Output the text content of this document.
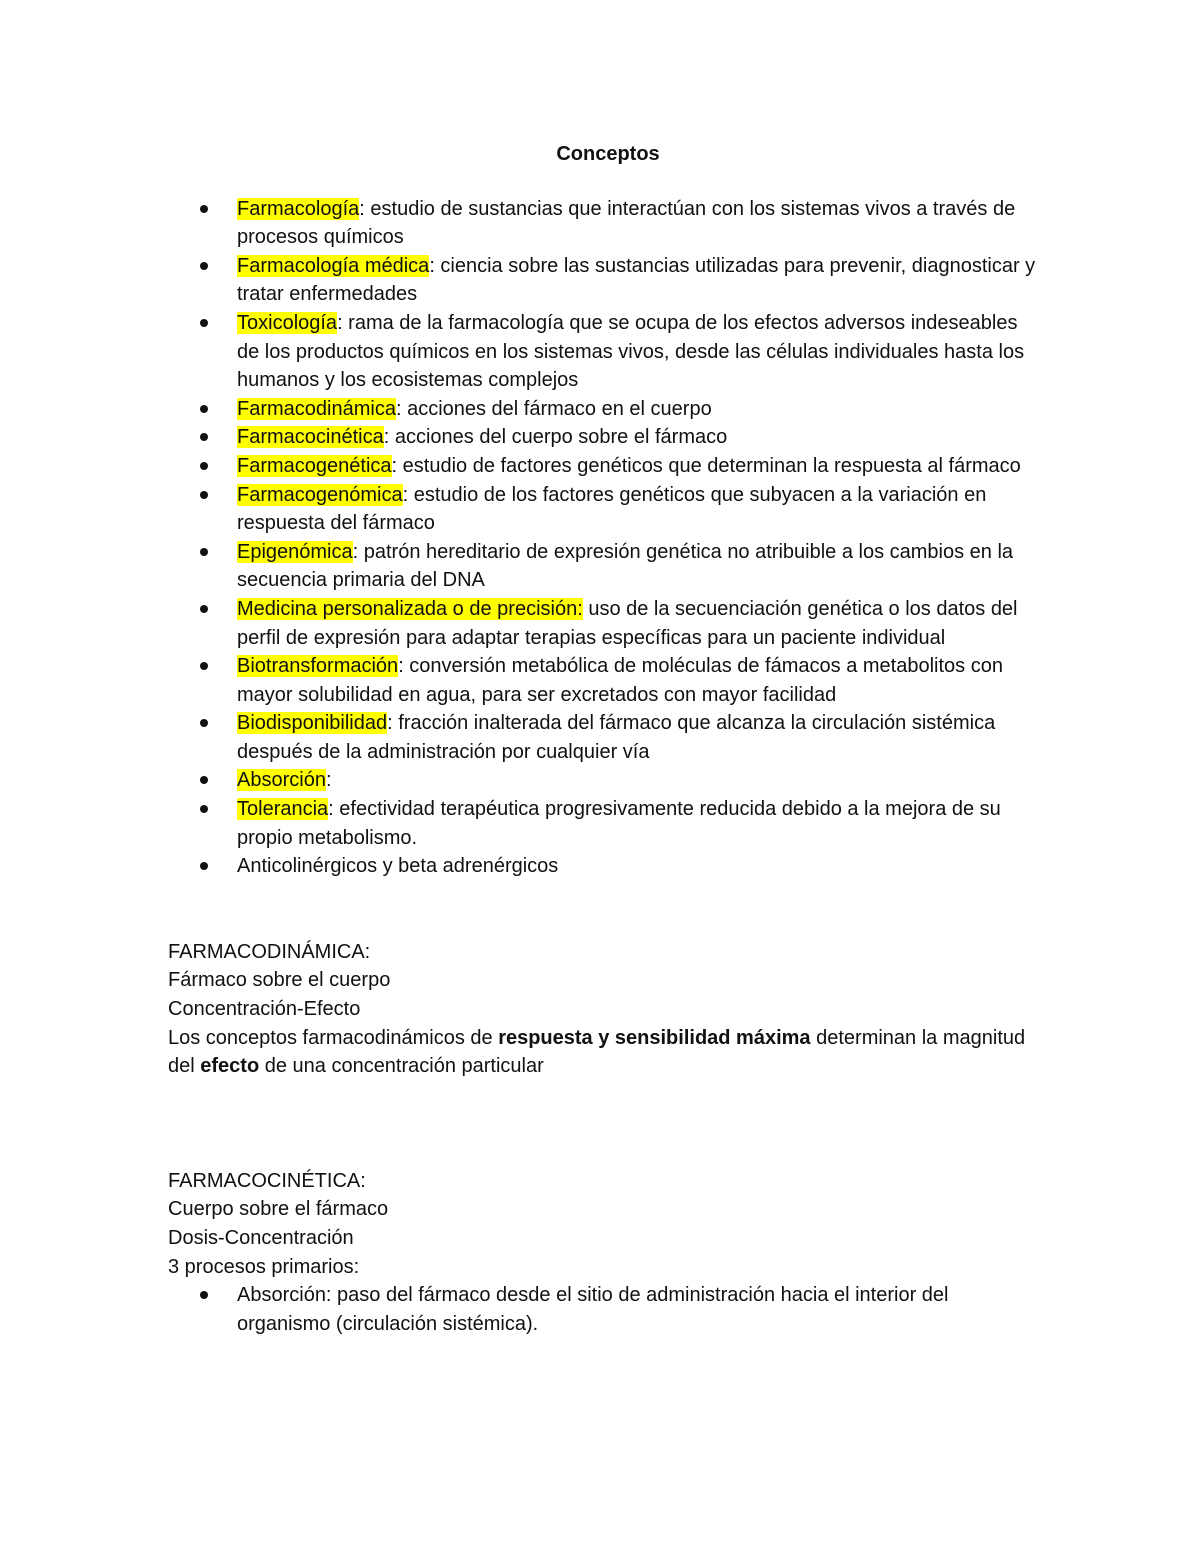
Conceptos
Farmacología: estudio de sustancias que interactúan con los sistemas vivos a través de procesos químicos
Farmacología médica: ciencia sobre las sustancias utilizadas para prevenir, diagnosticar y tratar enfermedades
Toxicología: rama de la farmacología que se ocupa de los efectos adversos indeseables de los productos químicos en los sistemas vivos, desde las células individuales hasta los humanos y los ecosistemas complejos
Farmacodinámica: acciones del fármaco en el cuerpo
Farmacocinética: acciones del cuerpo sobre el fármaco
Farmacogenética: estudio de factores genéticos que determinan la respuesta al fármaco
Farmacogenómica: estudio de los factores genéticos que subyacen a la variación en respuesta del fármaco
Epigenómica: patrón hereditario de expresión genética no atribuible a los cambios en la secuencia primaria del DNA
Medicina personalizada o de precisión: uso de la secuenciación genética o los datos del perfil de expresión para adaptar terapias específicas para un paciente individual
Biotransformación: conversión metabólica de moléculas de fámacos a metabolitos con mayor solubilidad en agua, para ser excretados con mayor facilidad
Biodisponibilidad: fracción inalterada del fármaco que alcanza la circulación sistémica después de la administración por cualquier vía
Absorción:
Tolerancia: efectividad terapéutica progresivamente reducida debido a la mejora de su propio metabolismo.
Anticolinérgicos y beta adrenérgicos

FARMACODINÁMICA:

Fármaco sobre el cuerpo

Concentración-Efecto

Los conceptos farmacodinámicos de respuesta y sensibilidad máxima determinan la magnitud del efecto de una concentración particular

FARMACOCINÉTICA:

Cuerpo sobre el fármaco

Dosis-Concentración

3 procesos primarios:

Absorción: paso del fármaco desde el sitio de administración hacia el interior del organismo (circulación sistémica).
